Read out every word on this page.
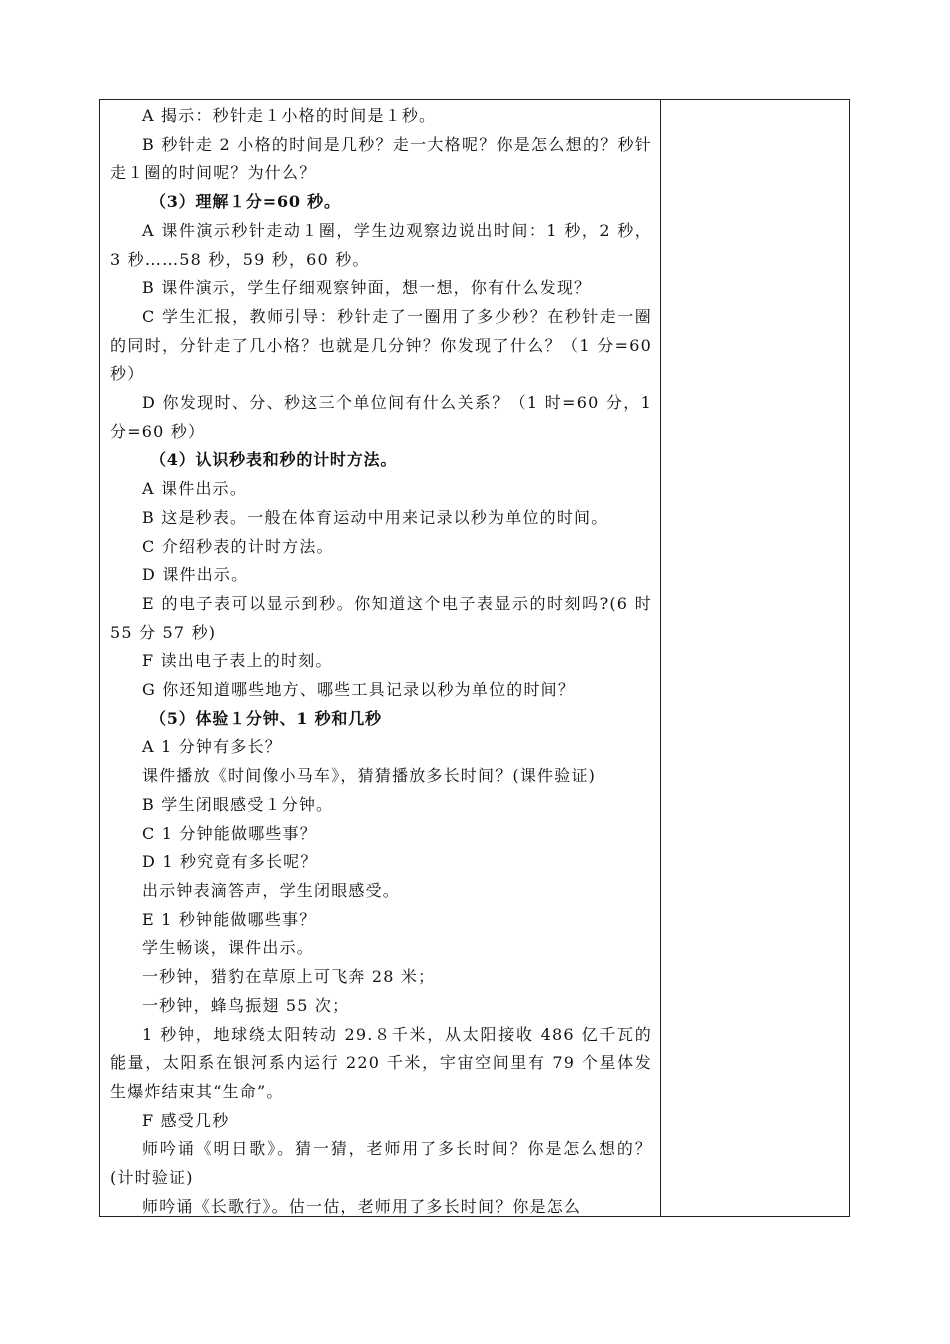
A 揭示：秒针走１小格的时间是１秒。

B 秒针走 2 小格的时间是几秒？走一大格呢？你是怎么想的？秒针走１圈的时间呢？为什么？

（3）理解１分=60 秒。

A 课件演示秒针走动１圈，学生边观察边说出时间：1 秒，2 秒，3 秒……58 秒，59 秒，60 秒。

B 课件演示，学生仔细观察钟面，想一想，你有什么发现？

C 学生汇报，教师引导：秒针走了一圈用了多少秒？在秒针走一圈的同时，分针走了几小格？也就是几分钟？你发现了什么？（1 分=60 秒）

D 你发现时、分、秒这三个单位间有什么关系？（1 时=60 分，1 分=60 秒）

（4）认识秒表和秒的计时方法。

A 课件出示。

B 这是秒表。一般在体育运动中用来记录以秒为单位的时间。

C 介绍秒表的计时方法。

D 课件出示。

E 的电子表可以显示到秒。你知道这个电子表显示的时刻吗?(6 时 55 分 57 秒)

F 读出电子表上的时刻。

G 你还知道哪些地方、哪些工具记录以秒为单位的时间？

（5）体验１分钟、1 秒和几秒

A 1 分钟有多长？

课件播放《时间像小马车》，猜猜播放多长时间？(课件验证)

B 学生闭眼感受１分钟。

C 1 分钟能做哪些事？

D 1 秒究竟有多长呢？

出示钟表滴答声，学生闭眼感受。

E 1 秒钟能做哪些事？

学生畅谈，课件出示。

一秒钟，猎豹在草原上可飞奔 28 米；

一秒钟，蜂鸟振翅 55 次；

1 秒钟，地球绕太阳转动 29.８千米，从太阳接收 486 亿千瓦的能量，太阳系在银河系内运行 220 千米，宇宙空间里有 79 个星体发生爆炸结束其“生命”。

F 感受几秒

师吟诵《明日歌》。猜一猜，老师用了多长时间？你是怎么想的？(计时验证)

师吟诵《长歌行》。估一估，老师用了多长时间？你是怎么
